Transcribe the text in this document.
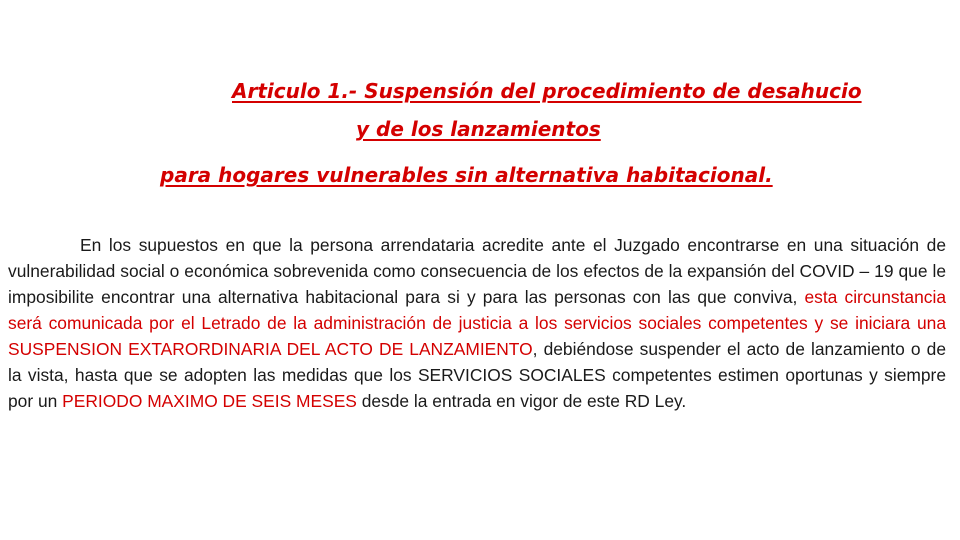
Articulo 1.- Suspensión del procedimiento de desahucio
y de los lanzamientos
para hogares vulnerables sin alternativa habitacional.

En los supuestos en que la persona arrendataria acredite ante el Juzgado encontrarse en una situación de vulnerabilidad social o económica sobrevenida como consecuencia de los efectos de la expansión del COVID – 19 que le imposibilite encontrar una alternativa habitacional para si y para las personas con las que conviva, esta circunstancia será comunicada por el Letrado de la administración de justicia a los servicios sociales competentes y se iniciara una SUSPENSION EXTARORDINARIA DEL ACTO DE LANZAMIENTO, debiéndose suspender el acto de lanzamiento o de la vista, hasta que se adopten las medidas que los SERVICIOS SOCIALES competentes estimen oportunas y siempre por un PERIODO MAXIMO DE SEIS MESES desde la entrada en vigor de este RD Ley.
